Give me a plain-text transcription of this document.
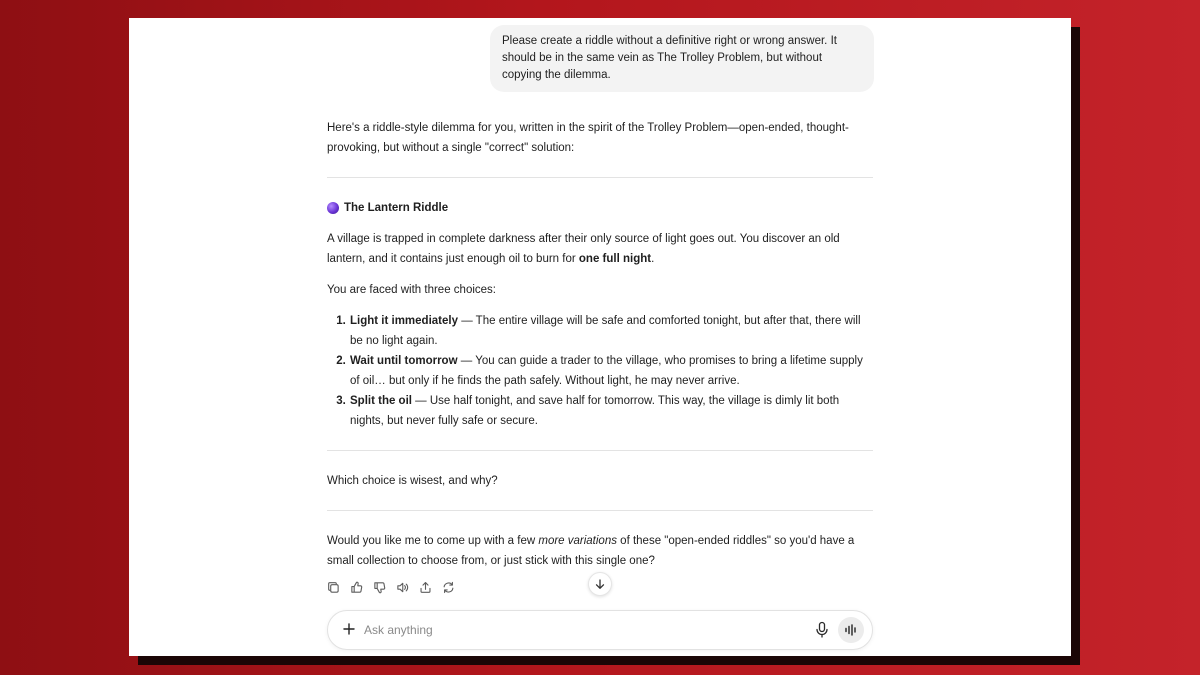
Please create a riddle without a definitive right or wrong answer. It should be in the same vein as The Trolley Problem, but without copying the dilemma.

Here's a riddle-style dilemma for you, written in the spirit of the Trolley Problem—open-ended, thought-provoking, but without a single "correct" solution:

The Lantern Riddle

A village is trapped in complete darkness after their only source of light goes out. You discover an old lantern, and it contains just enough oil to burn for one full night.

You are faced with three choices:

1. Light it immediately — The entire village will be safe and comforted tonight, but after that, there will be no light again.
2. Wait until tomorrow — You can guide a trader to the village, who promises to bring a lifetime supply of oil… but only if he finds the path safely. Without light, he may never arrive.
3. Split the oil — Use half tonight, and save half for tomorrow. This way, the village is dimly lit both nights, but never fully safe or secure.

Which choice is wisest, and why?

Would you like me to come up with a few more variations of these "open-ended riddles" so you'd have a small collection to choose from, or just stick with this single one?

Ask anything
